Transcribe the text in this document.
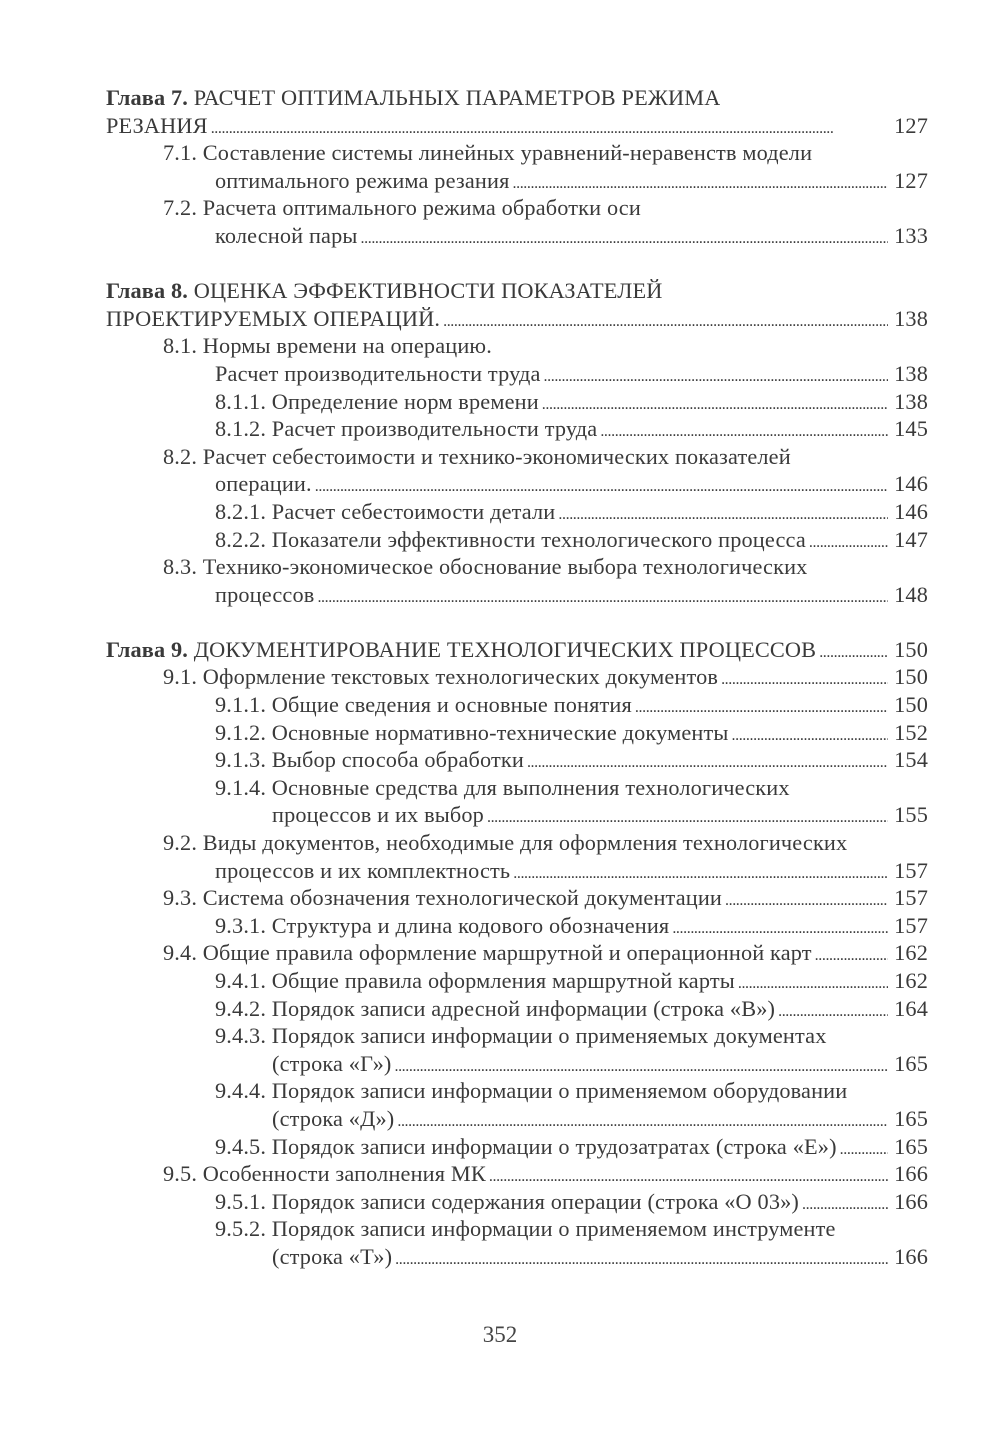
Глава 7. РАСЧЕТ ОПТИМАЛЬНЫХ ПАРАМЕТРОВ РЕЖИМА
РЕЗАНИЯ . . .	127
7.1. Составление системы линейных уравнений-неравенств модели
оптимального режима резания . . .	127
7.2. Расчета оптимального режима обработки оси
колесной пары . . .	133
Глава 8. ОЦЕНКА ЭФФЕКТИВНОСТИ ПОКАЗАТЕЛЕЙ
ПРОЕКТИРУЕМЫХ ОПЕРАЦИЙ. . . .	138
8.1. Нормы времени на операцию.
Расчет производительности труда . . .	138
8.1.1. Определение норм времени . . .	138
8.1.2. Расчет производительности труда . . .	145
8.2. Расчет себестоимости и технико-экономических показателей
операции. . . .	146
8.2.1. Расчет себестоимости детали . . .	146
8.2.2. Показатели эффективности технологического процесса . . .	147
8.3. Технико-экономическое обоснование выбора технологических
процессов . . .	148
Глава 9. ДОКУМЕНТИРОВАНИЕ ТЕХНОЛОГИЧЕСКИХ ПРОЦЕССОВ . . .	150
9.1. Оформление текстовых технологических документов . . .	150
9.1.1. Общие сведения и основные понятия . . .	150
9.1.2. Основные нормативно-технические документы . . .	152
9.1.3. Выбор способа обработки . . .	154
9.1.4. Основные средства для выполнения технологических
процессов и их выбор . . .	155
9.2. Виды документов, необходимые для оформления технологических
процессов и их комплектность . . .	157
9.3. Система обозначения технологической документации . . .	157
9.3.1. Структура и длина кодового обозначения . . .	157
9.4. Общие правила оформление маршрутной и операционной карт . . .	162
9.4.1. Общие правила оформления маршрутной карты . . .	162
9.4.2. Порядок записи адресной информации (строка «В») . . .	164
9.4.3. Порядок записи информации о применяемых документах
(строка «Г») . . .	165
9.4.4. Порядок записи информации о применяемом оборудовании
(строка «Д») . . .	165
9.4.5. Порядок записи информации о трудозатратах (строка «Е») . . .	165
9.5. Особенности заполнения МК . . .	166
9.5.1. Порядок записи содержания операции (строка «О 03») . . .	166
9.5.2. Порядок записи информации о применяемом инструменте
(строка «Т») . . .	166
352
